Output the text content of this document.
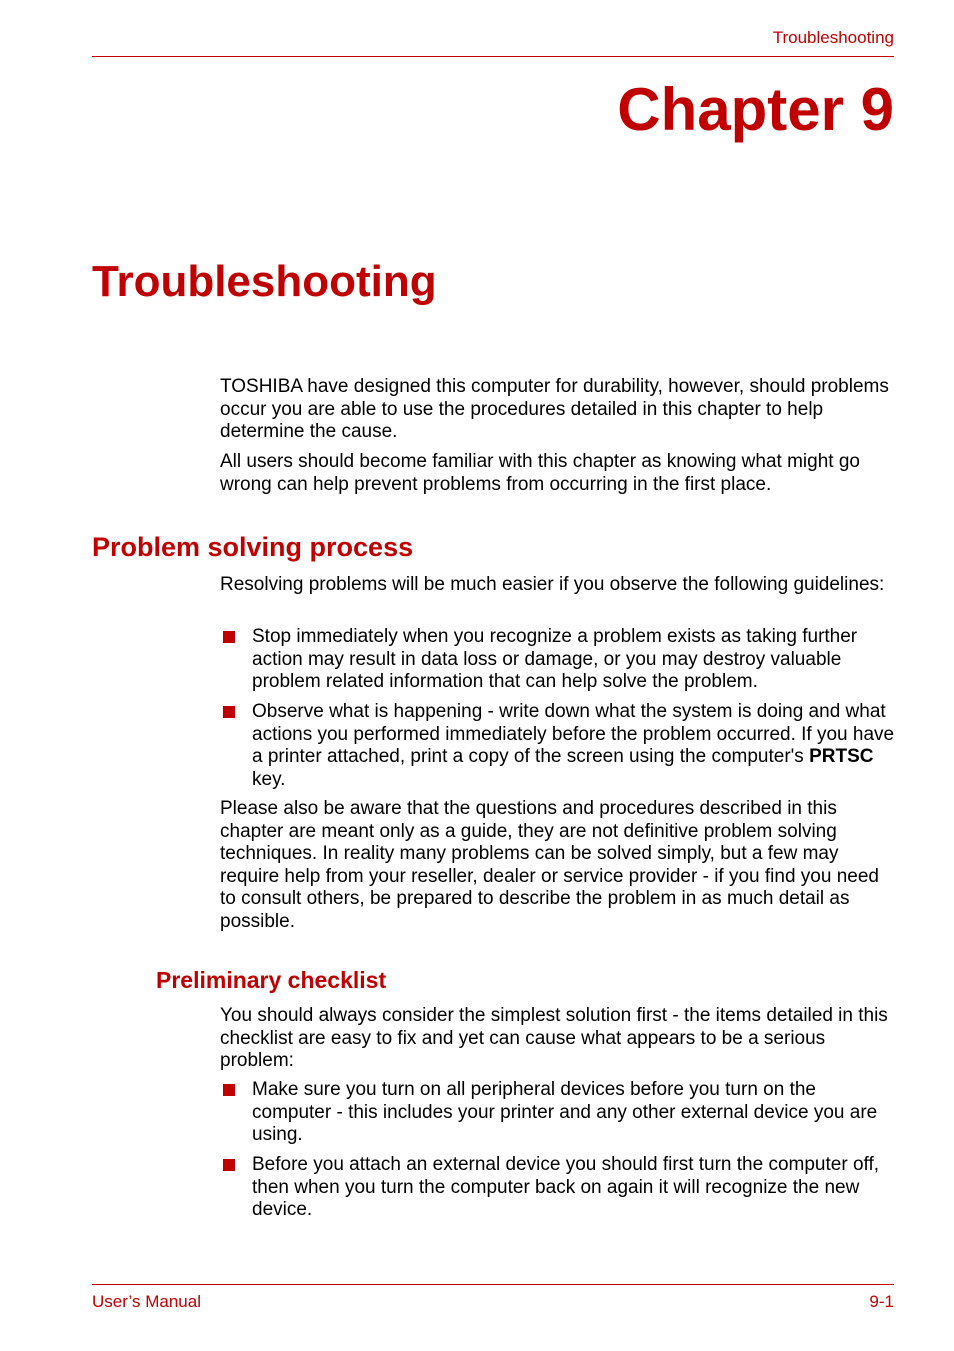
Troubleshooting
Chapter 9
Troubleshooting
TOSHIBA have designed this computer for durability, however, should problems occur you are able to use the procedures detailed in this chapter to help determine the cause.
All users should become familiar with this chapter as knowing what might go wrong can help prevent problems from occurring in the first place.
Problem solving process
Resolving problems will be much easier if you observe the following guidelines:
Stop immediately when you recognize a problem exists as taking further action may result in data loss or damage, or you may destroy valuable problem related information that can help solve the problem.
Observe what is happening - write down what the system is doing and what actions you performed immediately before the problem occurred. If you have a printer attached, print a copy of the screen using the computer's PRTSC key.
Please also be aware that the questions and procedures described in this chapter are meant only as a guide, they are not definitive problem solving techniques. In reality many problems can be solved simply, but a few may require help from your reseller, dealer or service provider - if you find you need to consult others, be prepared to describe the problem in as much detail as possible.
Preliminary checklist
You should always consider the simplest solution first - the items detailed in this checklist are easy to fix and yet can cause what appears to be a serious problem:
Make sure you turn on all peripheral devices before you turn on the computer - this includes your printer and any other external device you are using.
Before you attach an external device you should first turn the computer off, then when you turn the computer back on again it will recognize the new device.
User’s Manual	9-1
